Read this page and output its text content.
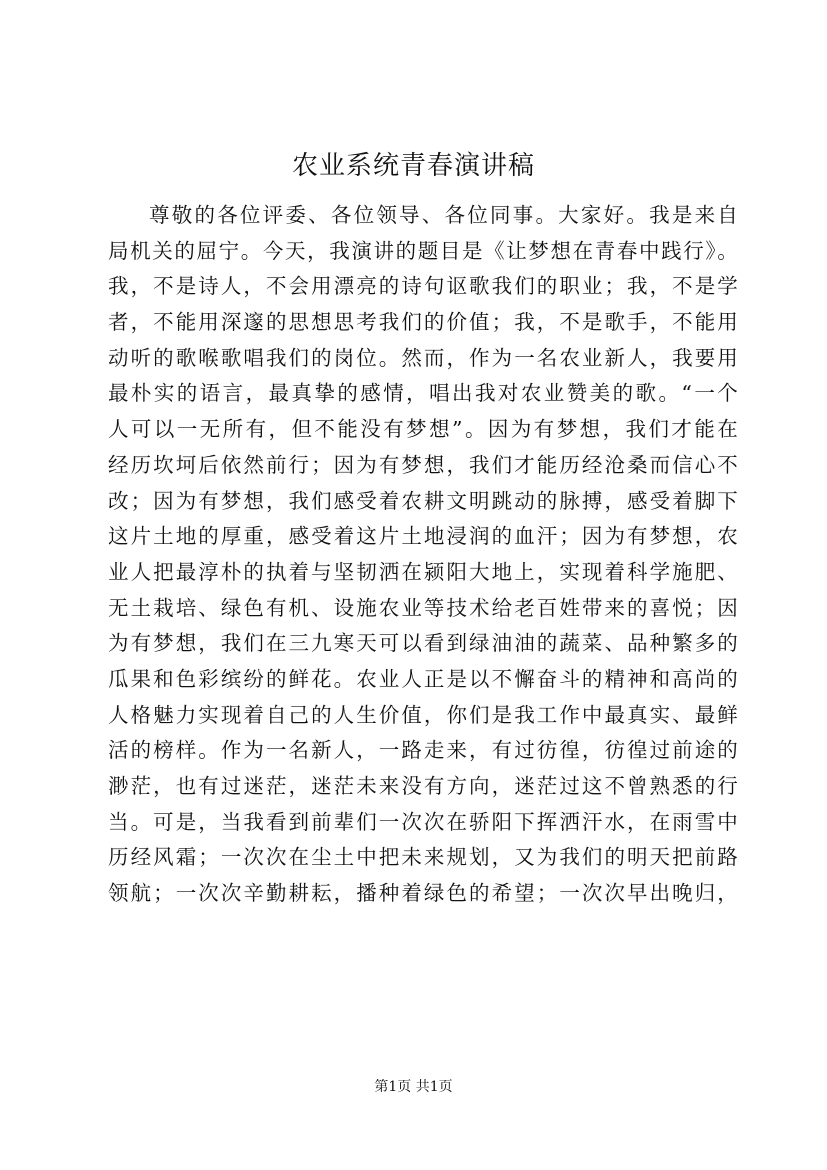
农业系统青春演讲稿
尊敬的各位评委、各位领导、各位同事。大家好。我是来自
局机关的屈宁。今天，我演讲的题目是《让梦想在青春中践行》。
我，不是诗人，不会用漂亮的诗句讴歌我们的职业；我，不是学
者，不能用深邃的思想思考我们的价值；我，不是歌手，不能用
动听的歌喉歌唱我们的岗位。然而，作为一名农业新人，我要用
最朴实的语言，最真挚的感情，唱出我对农业赞美的歌。“一个
人可以一无所有，但不能没有梦想”。因为有梦想，我们才能在
经历坎坷后依然前行；因为有梦想，我们才能历经沧桑而信心不
改；因为有梦想，我们感受着农耕文明跳动的脉搏，感受着脚下
这片土地的厚重，感受着这片土地浸润的血汗；因为有梦想，农
业人把最淳朴的执着与坚韧洒在颍阳大地上，实现着科学施肥、
无土栽培、绿色有机、设施农业等技术给老百姓带来的喜悦；因
为有梦想，我们在三九寒天可以看到绿油油的蔬菜、品种繁多的
瓜果和色彩缤纷的鲜花。农业人正是以不懈奋斗的精神和高尚的
人格魅力实现着自己的人生价值，你们是我工作中最真实、最鲜
活的榜样。作为一名新人，一路走来，有过彷徨，彷徨过前途的
渺茫，也有过迷茫，迷茫未来没有方向，迷茫过这不曾熟悉的行
当。可是，当我看到前辈们一次次在骄阳下挥洒汗水，在雨雪中
历经风霜；一次次在尘土中把未来规划，又为我们的明天把前路
领航；一次次辛勤耕耘，播种着绿色的希望；一次次早出晚归，
第1页 共1页
